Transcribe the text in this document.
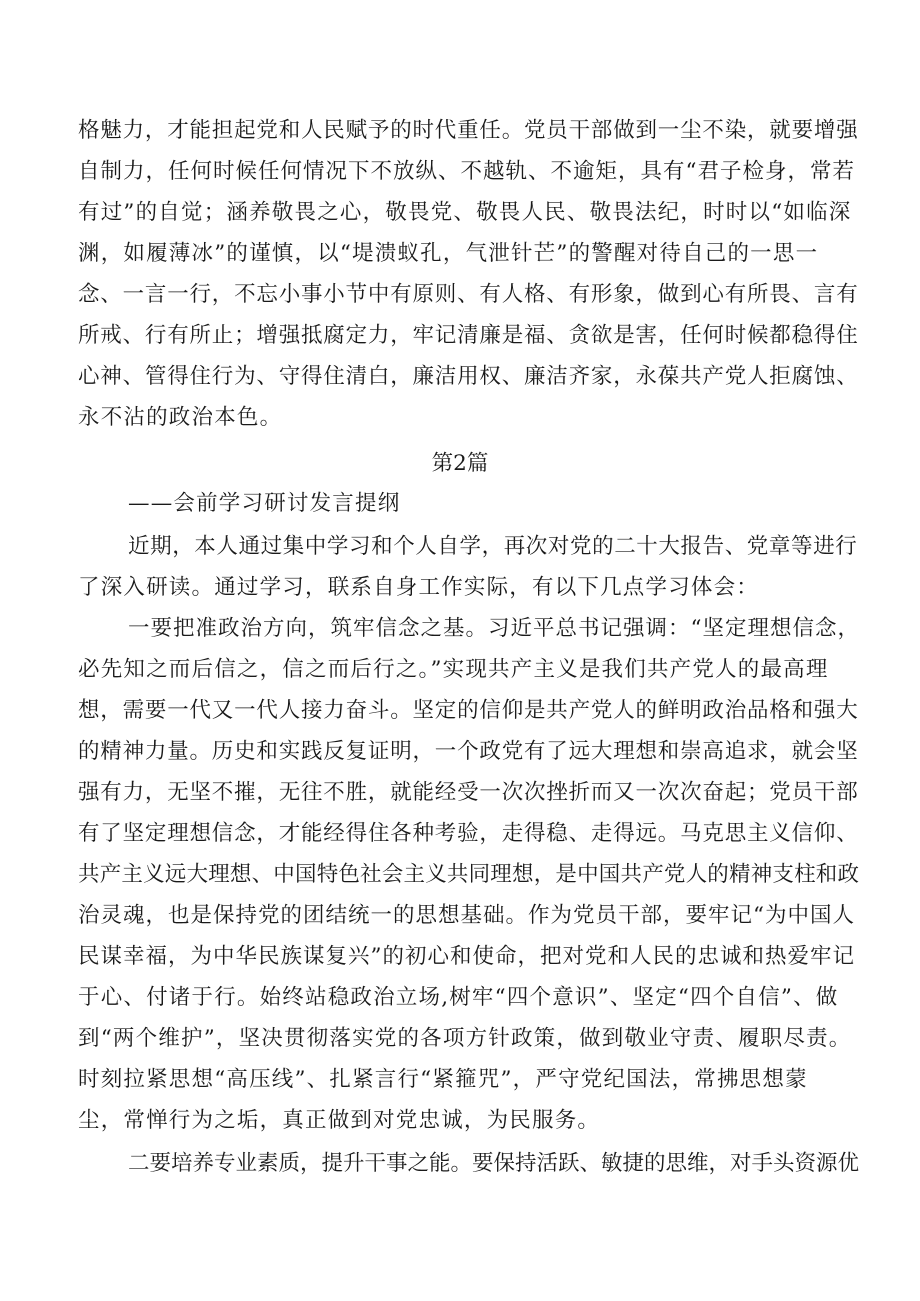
格魅力，才能担起党和人民赋予的时代重任。党员干部做到一尘不染，就要增强
自制力，任何时候任何情况下不放纵、不越轨、不逾矩，具有“君子检身，常若
有过”的自觉；涵养敬畏之心，敬畏党、敬畏人民、敬畏法纪，时时以“如临深
渊，如履薄冰”的谨慎，以“堤溃蚁孔，气泄针芒”的警醒对待自己的一思一
念、一言一行，不忘小事小节中有原则、有人格、有形象，做到心有所畏、言有
所戒、行有所止；增强抵腐定力，牢记清廉是福、贪欲是害，任何时候都稳得住
心神、管得住行为、守得住清白，廉洁用权、廉洁齐家，永葆共产党人拒腐蚀、
永不沾的政治本色。
第2篇
——会前学习研讨发言提纲
近期，本人通过集中学习和个人自学，再次对党的二十大报告、党章等进行
了深入研读。通过学习，联系自身工作实际，有以下几点学习体会：
一要把准政治方向，筑牢信念之基。习近平总书记强调：“坚定理想信念，
必先知之而后信之，信之而后行之。”实现共产主义是我们共产党人的最高理
想，需要一代又一代人接力奋斗。坚定的信仰是共产党人的鲜明政治品格和强大
的精神力量。历史和实践反复证明，一个政党有了远大理想和崇高追求，就会坚
强有力，无坚不摧，无往不胜，就能经受一次次挫折而又一次次奋起；党员干部
有了坚定理想信念，才能经得住各种考验，走得稳、走得远。马克思主义信仰、
共产主义远大理想、中国特色社会主义共同理想，是中国共产党人的精神支柱和政
治灵魂，也是保持党的团结统一的思想基础。作为党员干部，要牢记“为中国人
民谋幸福，为中华民族谋复兴”的初心和使命，把对党和人民的忠诚和热爱牢记
于心、付诸于行。始终站稳政治立场,树牢“四个意识”、坚定“四个自信”、做
到“两个维护”，坚决贯彻落实党的各项方针政策，做到敬业守责、履职尽责。
时刻拉紧思想“高压线”、扎紧言行“紧箍咒”，严守党纪国法，常拂思想蒙
尘，常惮行为之垢，真正做到对党忠诚，为民服务。
二要培养专业素质，提升干事之能。要保持活跃、敏捷的思维，对手头资源优
